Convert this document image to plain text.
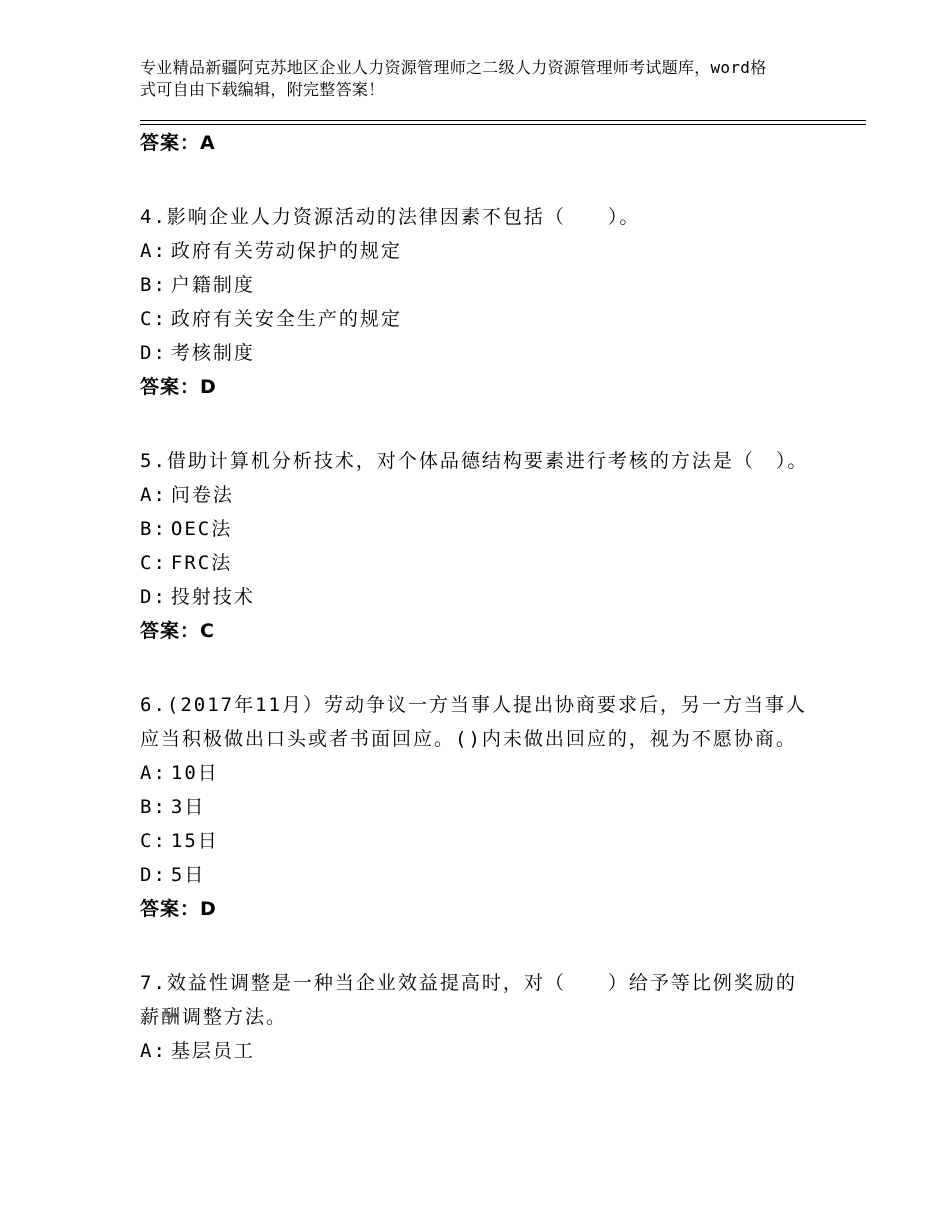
专业精品新疆阿克苏地区企业人力资源管理师之二级人力资源管理师考试题库，word格式可自由下载编辑，附完整答案！
答案：A
4.影响企业人力资源活动的法律因素不包括（　　）。
A: 政府有关劳动保护的规定
B: 户籍制度
C: 政府有关安全生产的规定
D: 考核制度
答案：D
5.借助计算机分析技术，对个体品德结构要素进行考核的方法是（　）。
A: 问卷法
B: OEC法
C: FRC法
D: 投射技术
答案：C
6.(2017年11月）劳动争议一方当事人提出协商要求后，另一方当事人应当积极做出口头或者书面回应。()内未做出回应的，视为不愿协商。
A: 10日
B: 3日
C: 15日
D: 5日
答案：D
7.效益性调整是一种当企业效益提高时，对（　　）给予等比例奖励的薪酬调整方法。
A: 基层员工
